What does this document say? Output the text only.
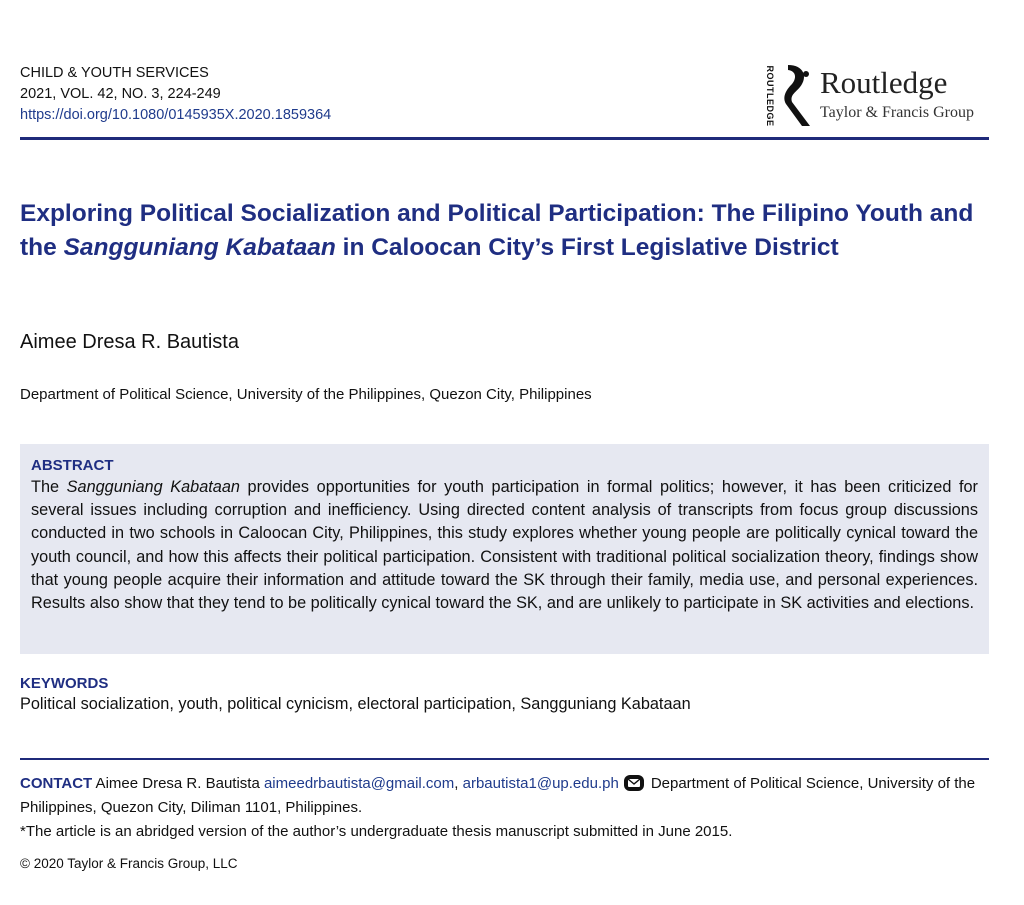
CHILD & YOUTH SERVICES
2021, VOL. 42, NO. 3, 224-249
https://doi.org/10.1080/0145935X.2020.1859364	ROUTLEDGE Routledge
Taylor & Francis Group
Exploring Political Socialization and Political Participation: The Filipino Youth and the Sangguniang Kabataan in Caloocan City’s First Legislative District
Aimee Dresa R. Bautista
Department of Political Science, University of the Philippines, Quezon City, Philippines
ABSTRACT

The Sangguniang Kabataan provides opportunities for youth participation in formal politics; however, it has been criticized for several issues including corruption and inefficiency. Using directed content analysis of transcripts from focus group discussions conducted in two schools in Caloocan City, Philippines, this study explores whether young people are politically cynical toward the youth council, and how this affects their political participation. Consistent with traditional political socialization theory, findings show that young people acquire their information and attitude toward the SK through their family, media use, and personal experiences. Results also show that they tend to be politically cynical toward the SK, and are unlikely to participate in SK activities and elections.

KEYWORDS
Political socialization, youth, political cynicism, electoral participation, Sangguniang Kabataan
CONTACT Aimee Dresa R. Bautista aimeedrbautista@gmail.com, arbautista1@up.edu.ph Department of Political Science, University of the Philippines, Quezon City, Diliman 1101, Philippines.
*The article is an abridged version of the author’s undergraduate thesis manuscript submitted in June 2015.
© 2020 Taylor & Francis Group, LLC
